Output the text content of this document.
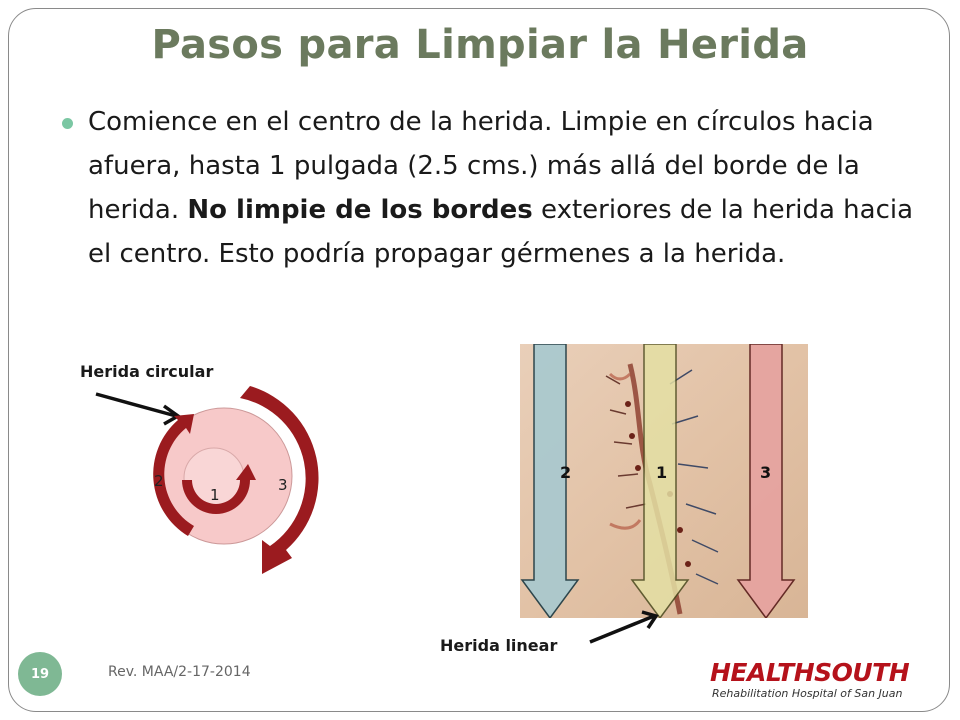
Pasos para Limpiar la Herida
Comience en el centro de la herida. Limpie en círculos hacia afuera, hasta 1 pulgada (2.5 cms.) más allá del borde de la herida. No limpie de los bordes exteriores de la herida hacia el centro. Esto podría propagar gérmenes a la herida.
Herida circular
2
1
3
2	1	3
Herida linear
19	Rev. MAA/2-17-2014	HEALTHSOUTH
Rehabilitation Hospital of San Juan
